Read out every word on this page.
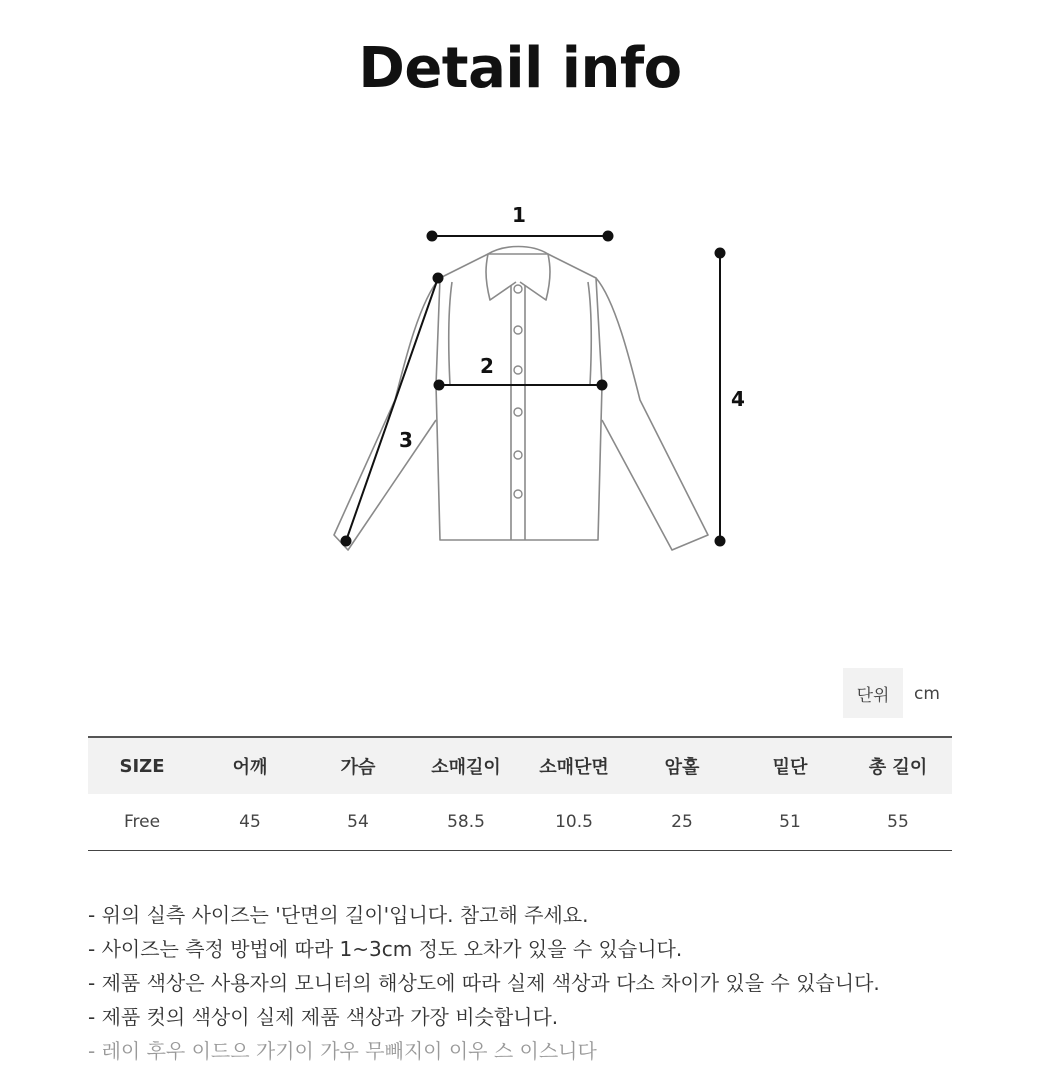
Detail info
1
2
3
4
단위	cm
SIZE	어깨	가슴	소매길이	소매단면	암홀	밑단	총 길이
Free	45	54	58.5	10.5	25	51	55
- 위의 실측 사이즈는 '단면의 길이'입니다. 참고해 주세요.
- 사이즈는 측정 방법에 따라 1~3cm 정도 오차가 있을 수 있습니다.
- 제품 색상은 사용자의 모니터의 해상도에 따라 실제 색상과 다소 차이가 있을 수 있습니다.
- 제품 컷의 색상이 실제 제품 색상과 가장 비슷합니다.
- 레이 후우 이드으 가기이 가우 무빼지이 이우 스 이스니다
